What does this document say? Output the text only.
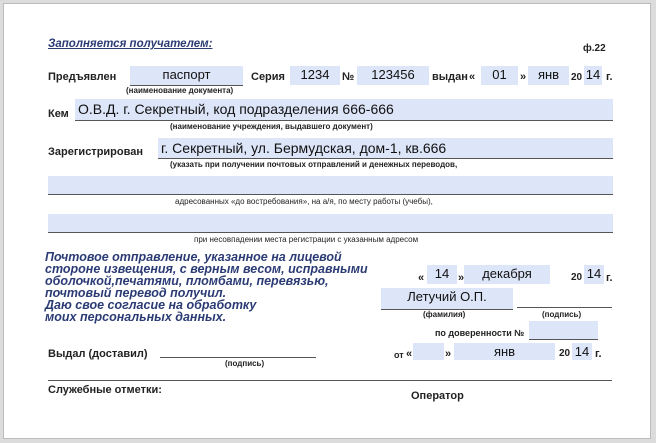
Заполняется получателем:	ф.22
Предъявлен	паспорт
(наименование документа)
Серия	1234	№	123456	выдан «	01	» янв	20 14 г.
Кем О.В.Д. г. Секретный, код подразделения 666-666
(наименование учреждения, выдавшего документ)
Зарегистрирован г. Секретный, ул. Бермудская, дом-1, кв.666
(указать при получении почтовых отправлений и денежных переводов,
адресованных «до востребования», на а/я, по месту работы (учебы),
при несовпадении места регистрации с указанным адресом
Почтовое отправление, указанное на лицевой
стороне извещения, с верным весом, исправными
оболочкой,печатями, пломбами, перевязью,
почтовый перевод получил.
Даю свое согласие на обработку
моих персональных данных.
« 14 »	декабря	20 14 г.
Летучий О.П.
(фамилия)	(подпись)
по доверенности №
Выдал (доставил)
(подпись)
от «	»	янв	20 14 г.
Служебные отметки:	Оператор
